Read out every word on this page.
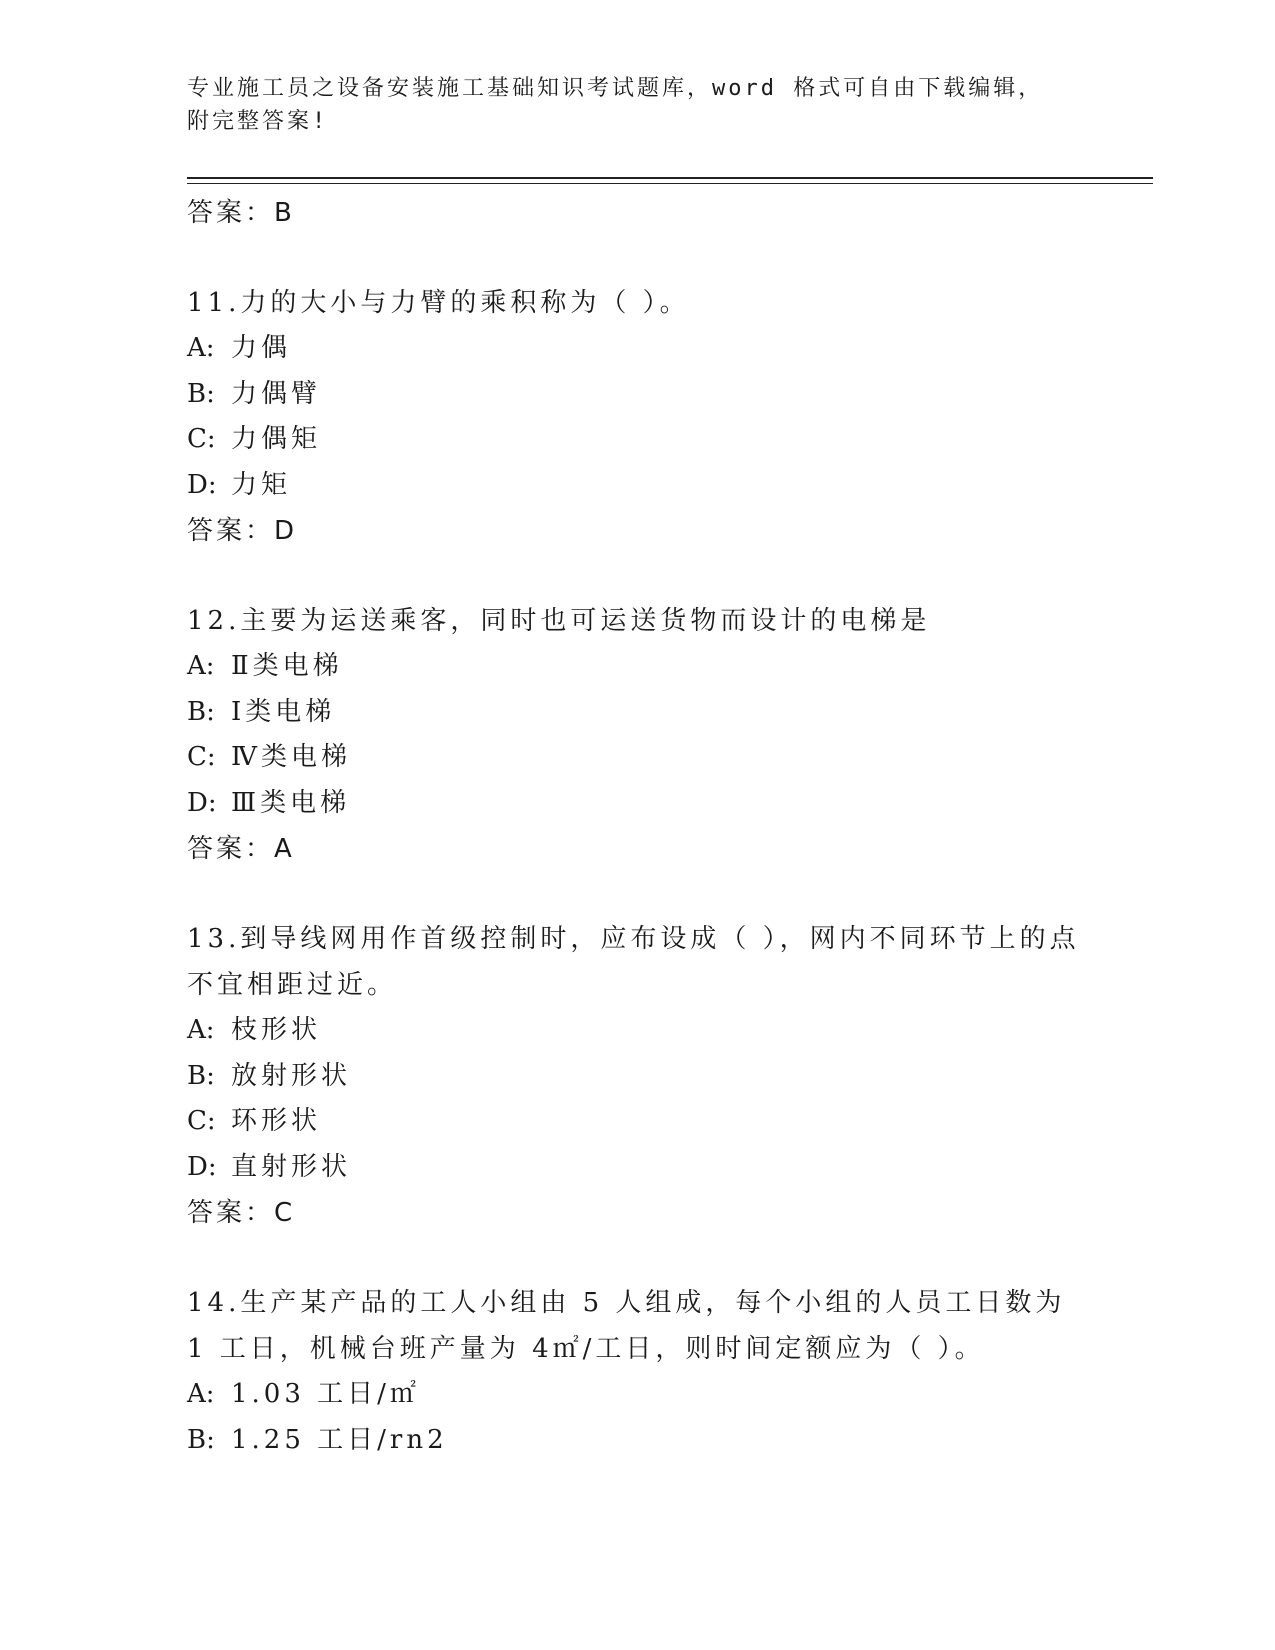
专业施工员之设备安装施工基础知识考试题库，word 格式可自由下载编辑，附完整答案!
答案：B
11.力的大小与力臂的乘积称为（ ）。
A: 力偶
B: 力偶臂
C: 力偶矩
D: 力矩
答案：D
12.主要为运送乘客，同时也可运送货物而设计的电梯是
A: Ⅱ类电梯
B: Ⅰ类电梯
C: Ⅳ类电梯
D: Ⅲ类电梯
答案：A
13.到导线网用作首级控制时，应布设成（ ），网内不同环节上的点不宜相距过近。
A: 枝形状
B: 放射形状
C: 环形状
D: 直射形状
答案：C
14.生产某产品的工人小组由 5 人组成，每个小组的人员工日数为 1 工日，机械台班产量为 4㎡/工日，则时间定额应为（ ）。
A: 1.03 工日/㎡
B: 1.25 工日/rn2
